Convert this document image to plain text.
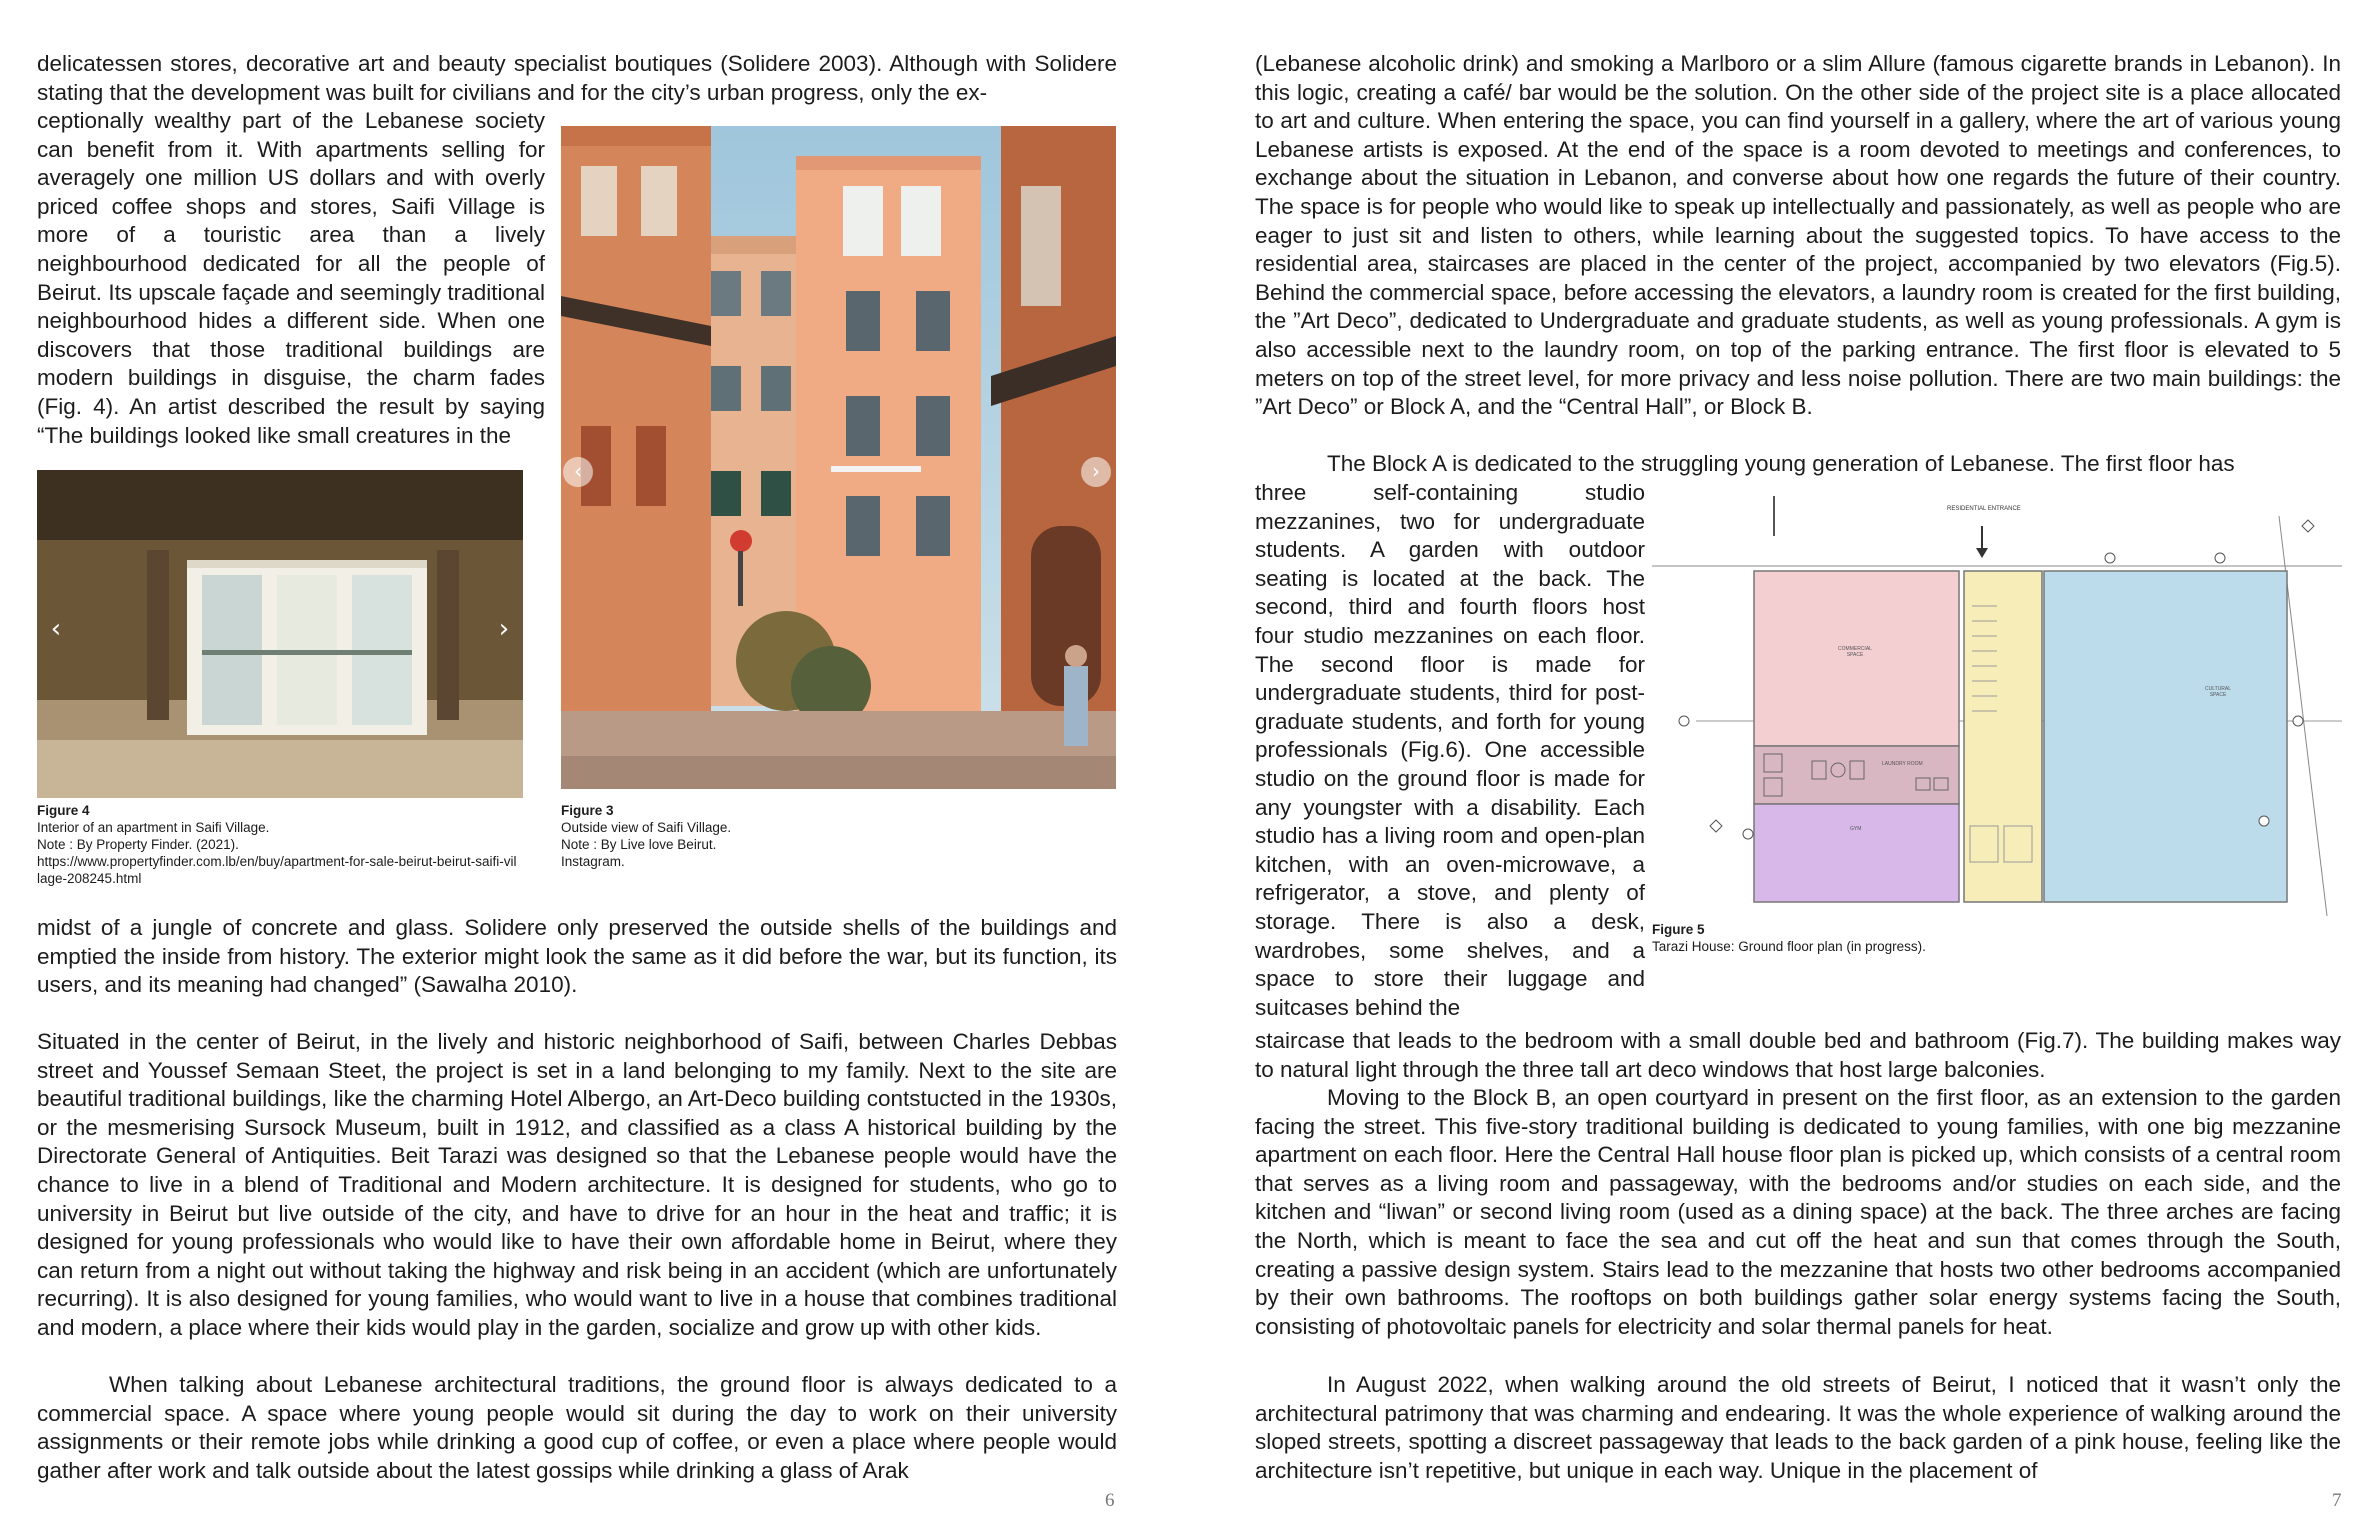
delicatessen stores, decorative art and beauty specialist boutiques (Solidere 2003). Although with Solidere stating that the development was built for civilians and for the city’s urban progress, only the ex-

ceptionally wealthy part of the Lebanese society can benefit from it. With apartments selling for averagely one million US dollars and with overly priced coffee shops and stores, Saifi Village is more of a touristic area than a lively neighbourhood dedicated for all the people of Beirut. Its upscale façade and seemingly traditional neighbourhood hides a different side. When one discovers that those traditional buildings are modern buildings in disguise, the charm fades (Fig. 4). An artist described the result by saying “The buildings looked like small creatures in the

‹	›
‹	›
Figure 4
Interior of an apartment in Saifi Village.
Note : By Property Finder. (2021).
https://www.propertyfinder.com.lb/en/buy/apartment-for-sale-beirut-beirut-saifi-village-208245.html
Figure 3
Outside view of Saifi Village.
Note : By Live love Beirut.
Instagram.

midst of a jungle of concrete and glass. Solidere only preserved the outside shells of the buildings and emptied the inside from history. The exterior might look the same as it did before the war, but its function, its users, and its meaning had changed” (Sawalha 2010).

Situated in the center of Beirut, in the lively and historic neighborhood of Saifi, between Charles Debbas street and Youssef Semaan Steet, the project is set in a land belonging to my family. Next to the site are beautiful traditional buildings, like the charming Hotel Albergo, an Art-Deco building contstucted in the 1930s, or the mesmerising Sursock Museum, built in 1912, and classified as a class A historical building by the Directorate General of Antiquities. Beit Tarazi was designed so that the Lebanese people would have the chance to live in a blend of Traditional and Modern architecture. It is designed for students, who go to university in Beirut but live outside of the city, and have to drive for an hour in the heat and traffic; it is designed for young professionals who would like to have their own affordable home in Beirut, where they can return from a night out without taking the highway and risk being in an accident (which are unfortunately recurring). It is also designed for young families, who would want to live in a house that combines traditional and modern, a place where their kids would play in the garden, socialize and grow up with other kids.

When talking about Lebanese architectural traditions, the ground floor is always dedicated to a commercial space. A space where young people would sit during the day to work on their university assignments or their remote jobs while drinking a good cup of coffee, or even a place where people would gather after work and talk outside about the latest gossips while drinking a glass of Arak

6

(Lebanese alcoholic drink) and smoking a Marlboro or a slim Allure (famous cigarette brands in Lebanon). In this logic, creating a café/ bar would be the solution. On the other side of the project site is a place allocated to art and culture. When entering the space, you can find yourself in a gallery, where the art of various young Lebanese artists is exposed. At the end of the space is a room devoted to meetings and conferences, to exchange about the situation in Lebanon, and converse about how one regards the future of their country. The space is for people who would like to speak up intellectually and passionately, as well as people who are eager to just sit and listen to others, while learning about the suggested topics. To have access to the residential area, staircases are placed in the center of the project, accompanied by two elevators (Fig.5). Behind the commercial space, before accessing the elevators, a laundry room is created for the first building, the ”Art Deco”, dedicated to Undergraduate and graduate students, as well as young professionals. A gym is also accessible next to the laundry room, on top of the parking entrance. The first floor is elevated to 5 meters on top of the street level, for more privacy and less noise pollution. There are two main buildings: the ”Art Deco” or Block A, and the “Central Hall”, or Block B.

The Block A is dedicated to the struggling young generation of Lebanese. The first floor has

three self-containing studio mezzanines, two for undergraduate students. A garden with outdoor seating is located at the back. The second, third and fourth floors host four studio mezzanines on each floor. The second floor is made for undergraduate students, third for post-graduate students, and forth for young professionals (Fig.6). One accessible studio on the ground floor is made for any youngster with a disability. Each studio has a living room and open-plan kitchen, with an oven-microwave, a refrigerator, a stove, and plenty of storage. There is also a desk, wardrobes, some shelves, and a space to store their luggage and suitcases behind the

RESIDENTIAL ENTRANCE
COMMERCIAL SPACE
CULTURAL SPACE
LAUNDRY ROOM
GYM
Figure 5
Tarazi House: Ground floor plan (in progress).

staircase that leads to the bedroom with a small double bed and bathroom (Fig.7). The building makes way to natural light through the three tall art deco windows that host large balconies.

Moving to the Block B, an open courtyard in present on the first floor, as an extension to the garden facing the street. This five-story traditional building is dedicated to young families, with one big mezzanine apartment on each floor. Here the Central Hall house floor plan is picked up, which consists of a central room that serves as a living room and passageway, with the bedrooms and/or studies on each side, and the kitchen and “liwan” or second living room (used as a dining space) at the back. The three arches are facing the North, which is meant to face the sea and cut off the heat and sun that comes through the South, creating a passive design system. Stairs lead to the mezzanine that hosts two other bedrooms accompanied by their own bathrooms. The rooftops on both buildings gather solar energy systems facing the South, consisting of photovoltaic panels for electricity and solar thermal panels for heat.

In August 2022, when walking around the old streets of Beirut, I noticed that it wasn’t only the architectural patrimony that was charming and endearing. It was the whole experience of walking around the sloped streets, spotting a discreet passageway that leads to the back garden of a pink house, feeling like the architecture isn’t repetitive, but unique in each way. Unique in the placement of

7
